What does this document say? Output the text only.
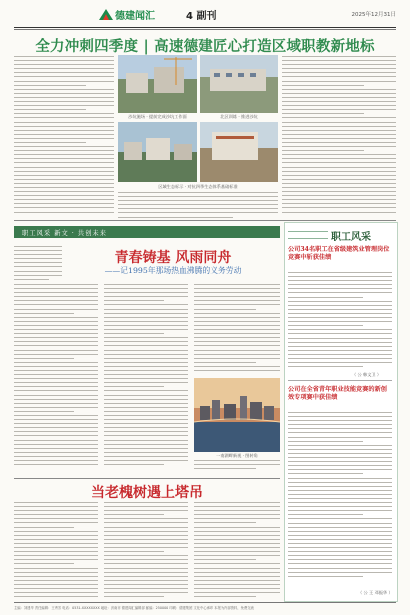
德建闻汇	4 副刊	2025年12月31日
全力冲刺四季度 | 高速德建匠心打造区域职教新地标
沙坑施场 · 提前完成沙坑工作面	北区训练 · 推进沙坑
区域生态标示 · 对抗四季生态体系基础标准
职工风采 新文 · 共创未来
青春铸基 风雨同舟
——记1995年那场热血沸腾的义务劳动
一南湖畔新视 · 图转角
当老槐树遇上塔吊
职工风采
公司34名职工在省级建筑业管理岗位竞赛中斩获佳绩
（ 公 韩文卫 ）
公司在全省青年职业技能竞赛的新创效专项赛中获佳绩
（ 公 王 邓振华 ）
主编：刘建华 责任编辑：王秀芳 电话：0531-XXXXXXXX 地址：济南市 德建闻汇编辑部 邮编：250000 印刷：德建集团 文化中心承印 本报为内部资料，免费交流
